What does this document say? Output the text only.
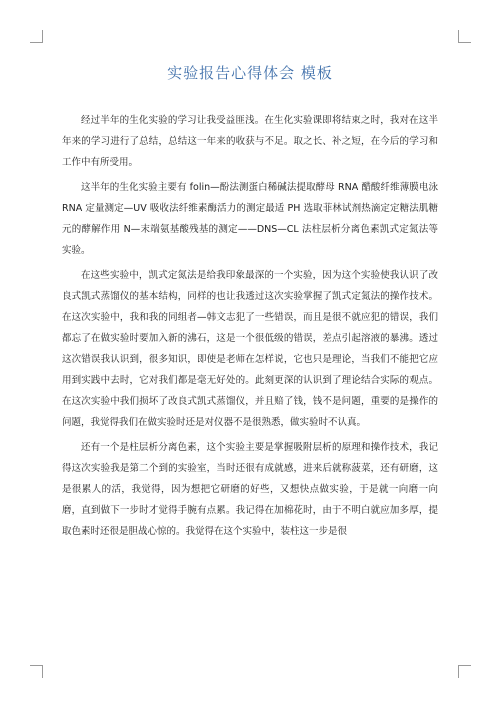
实验报告心得体会 模板

经过半年的生化实验的学习让我受益匪浅。在生化实验课即将结束之时，我对在这半年来的学习进行了总结，总结这一年来的收获与不足。取之长、补之短，在今后的学习和工作中有所受用。

这半年的生化实验主要有 folin—酚法测蛋白稀碱法提取酵母 RNA 醋酸纤维薄膜电泳 RNA 定量测定—UV 吸收法纤维素酶活力的测定最适 PH 选取菲林试剂热滴定定糖法肌糖元的酵解作用 N—末端氨基酸残基的测定——DNS—CL 法柱层析分离色素凯式定氮法等实验。

在这些实验中，凯式定氮法是给我印象最深的一个实验，因为这个实验使我认识了改良式凯式蒸馏仪的基本结构，同样的也让我透过这次实验掌握了凯式定氮法的操作技术。在这次实验中，我和我的同组者—韩文志犯了一些错误，而且是很不就应犯的错误，我们都忘了在做实验时要加入新的沸石，这是一个很低级的错误，差点引起溶液的暴沸。透过这次错误我认识到，很多知识，即使是老师在怎样说，它也只是理论，当我们不能把它应用到实践中去时，它对我们都是毫无好处的。此刻更深的认识到了理论结合实际的观点。在这次实验中我们损坏了改良式凯式蒸馏仪，并且赔了钱，钱不是问题，重要的是操作的问题，我觉得我们在做实验时还是对仪器不是很熟悉，做实验时不认真。

还有一个是柱层析分离色素，这个实验主要是掌握吸附层析的原理和操作技术，我记得这次实验我是第二个到的实验室，当时还很有成就感，进来后就称菠菜，还有研磨，这是很累人的活，我觉得，因为想把它研磨的好些，又想快点做实验，于是就一向磨一向磨，直到做下一步时才觉得手腕有点累。我记得在加棉花时，由于不明白就应加多厚，提取色素时还很是胆战心惊的。我觉得在这个实验中，装柱这一步是很
